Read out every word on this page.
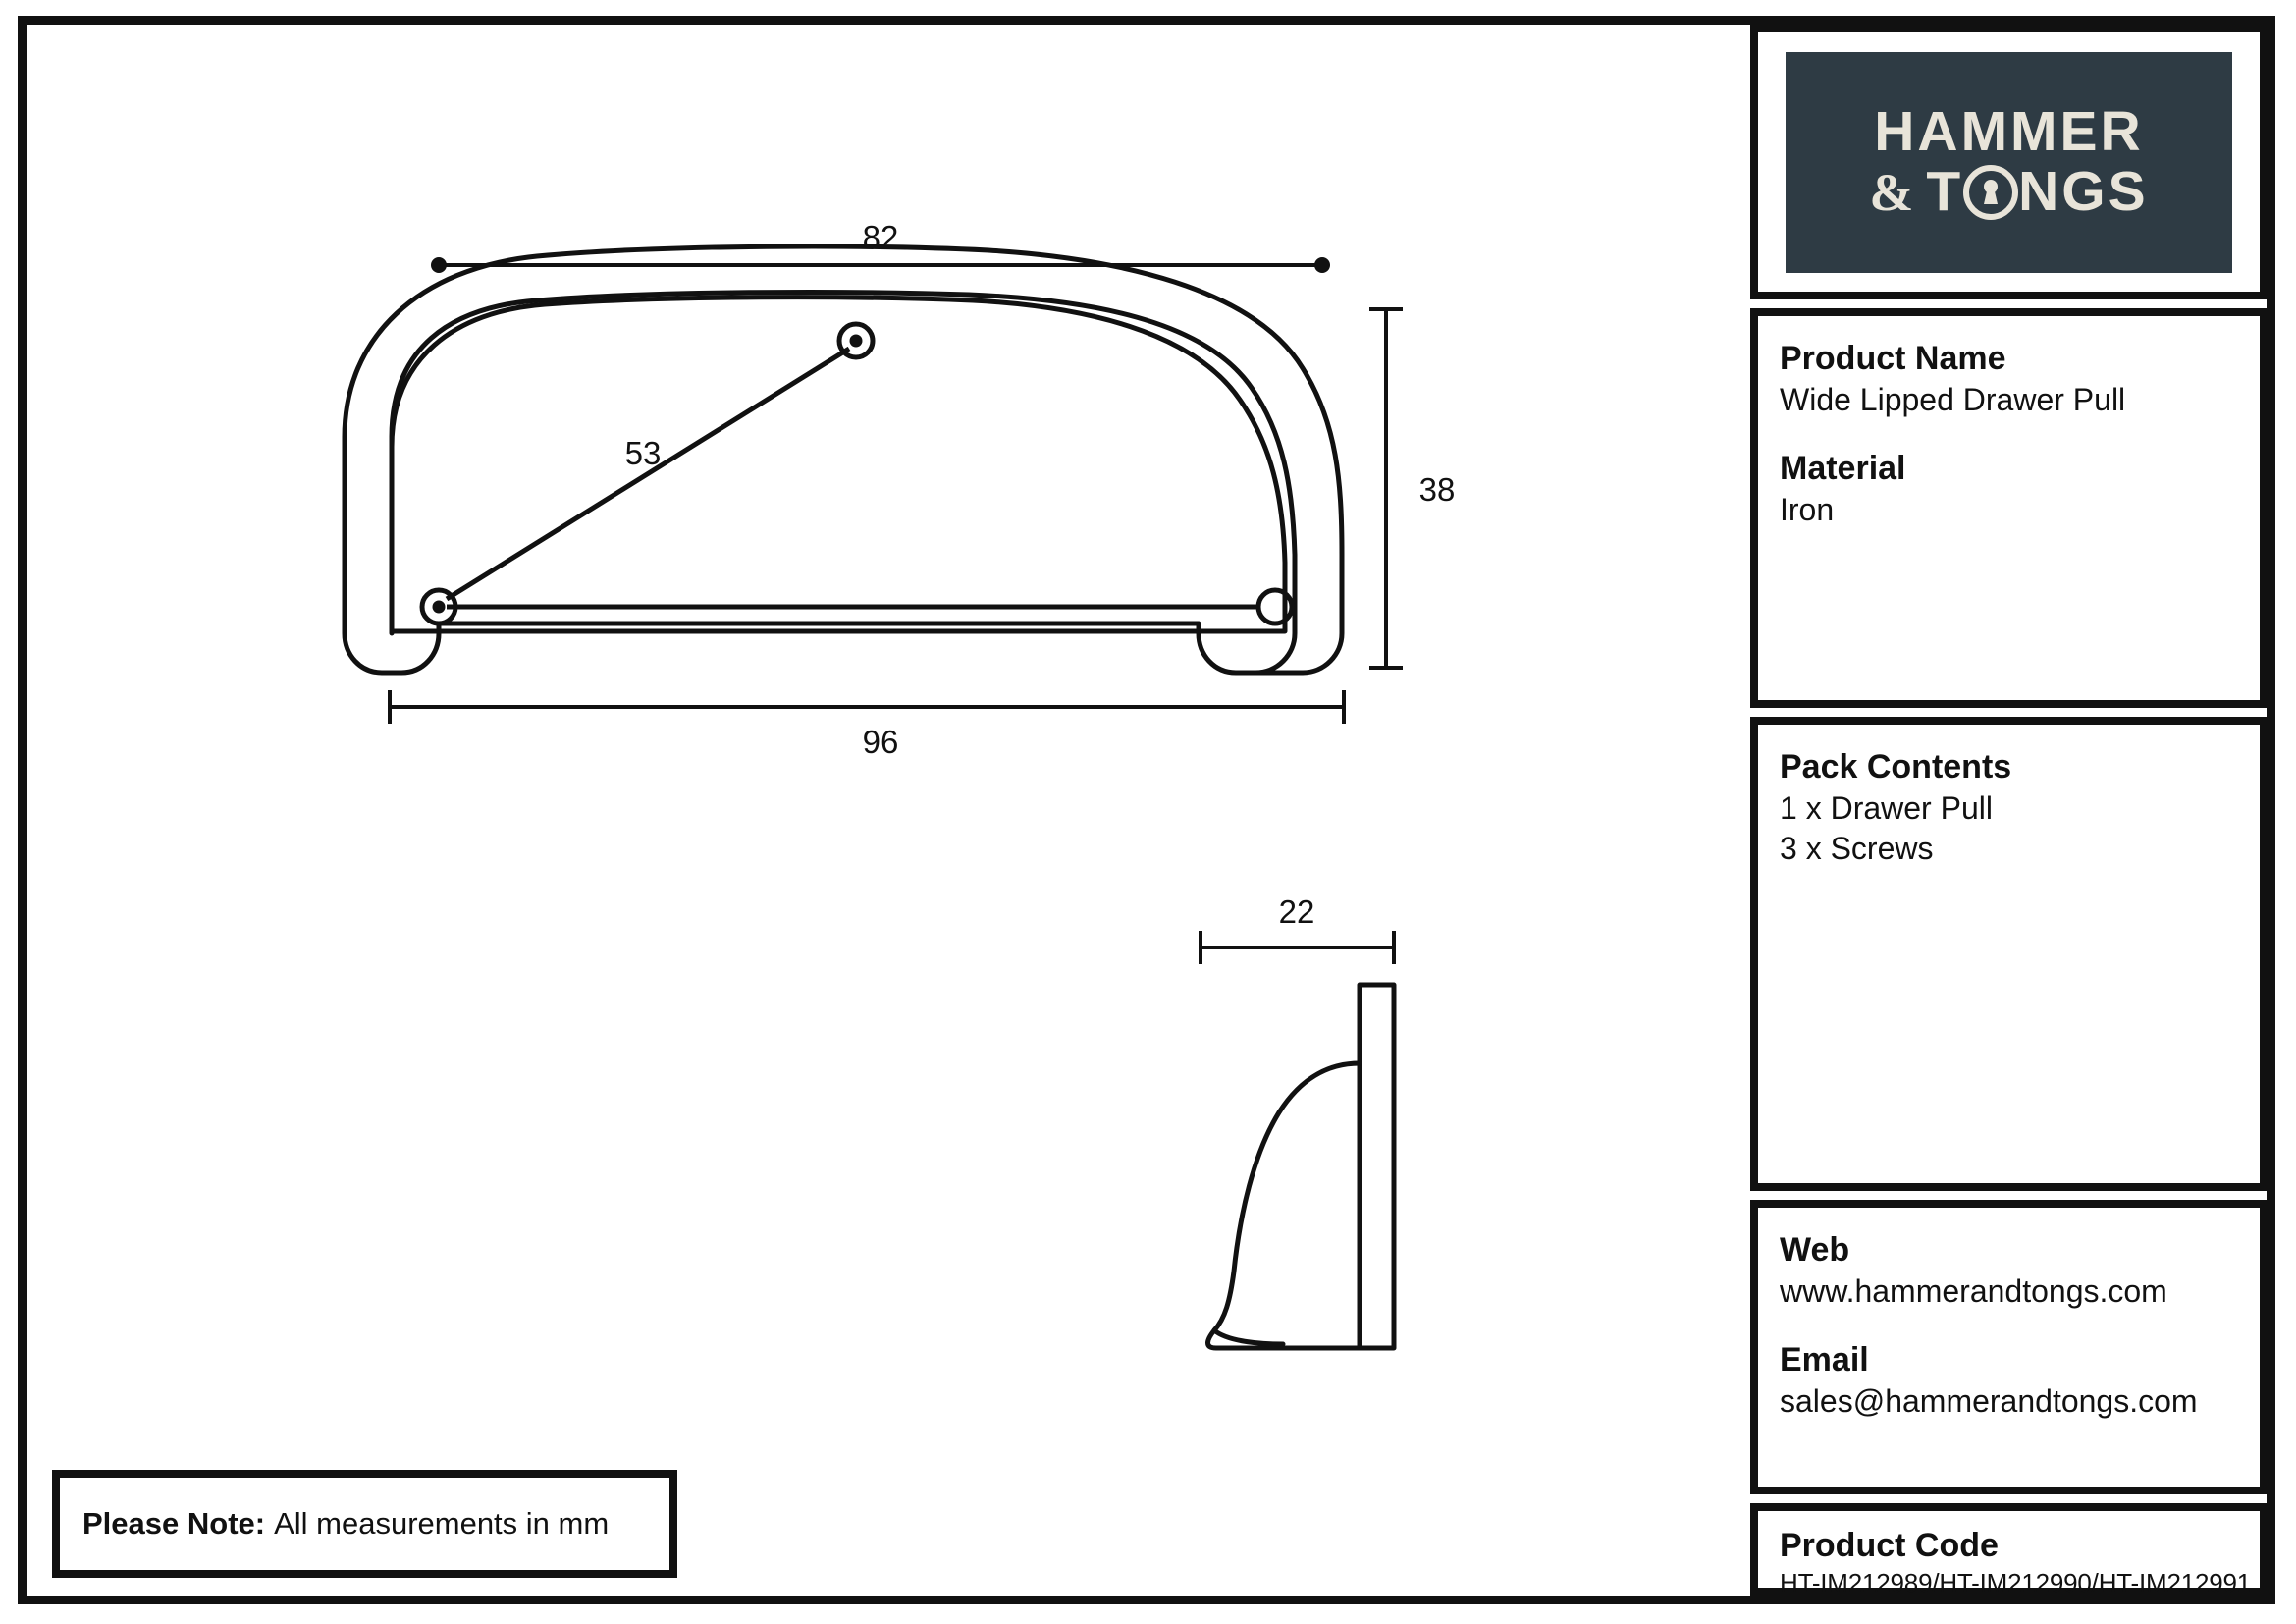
82
53
38
96
22
Please Note: All measurements in mm
HAMMER
& T NGS

Product Name

Wide Lipped Drawer Pull

Material

Iron

Pack Contents

1 x Drawer Pull

3 x Screws

Web

www.hammerandtongs.com

Email

sales@hammerandtongs.com

Product Code

HT-IM212989/HT-IM212990/HT-IM212991
